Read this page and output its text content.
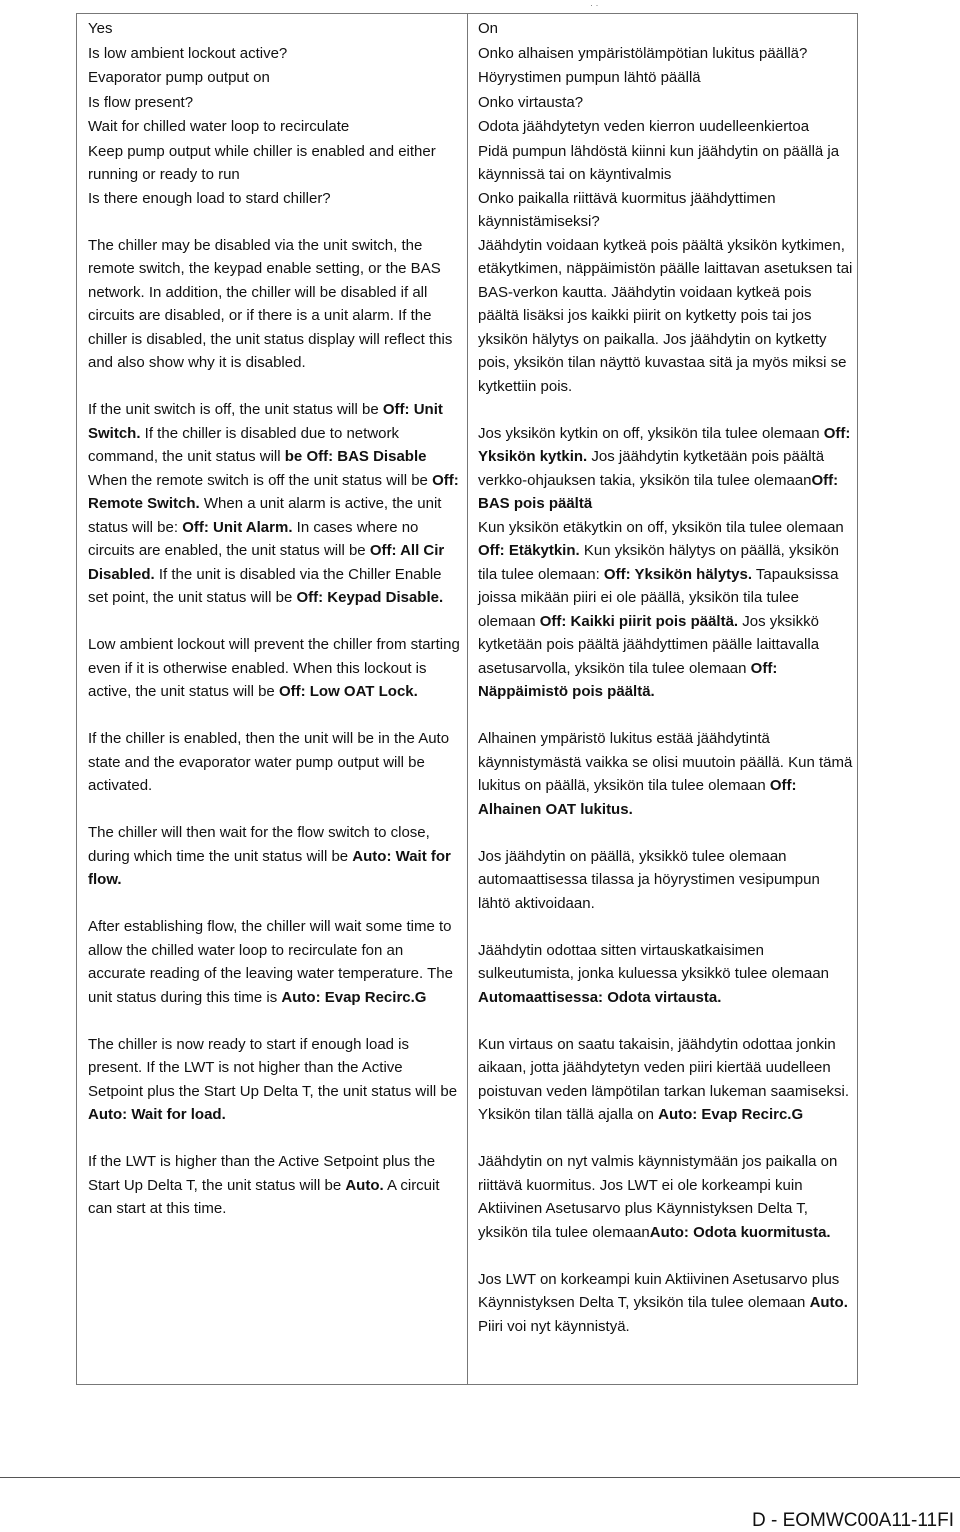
· ·

Yes

Is low ambient lockout active?

Evaporator pump output on

Is flow present?

Wait for chilled water loop to recirculate

Keep pump output while chiller is enabled and either running or ready to run

Is there enough load to stard chiller?

The chiller may be disabled via the unit switch, the remote switch, the keypad enable setting, or the BAS network. In addition, the chiller will be disabled if all circuits are disabled, or if there is a unit alarm. If the chiller is disabled, the unit status display will reflect this and also show why it is disabled.

If the unit switch is off, the unit status will be Off: Unit Switch. If the chiller is disabled due to network command, the unit status will be Off: BAS Disable When the remote switch is off the unit status will be Off: Remote Switch. When a unit alarm is active, the unit status will be: Off: Unit Alarm. In cases where no circuits are enabled, the unit status will be Off: All Cir Disabled. If the unit is disabled via the Chiller Enable set point, the unit status will be Off: Keypad Disable.

Low ambient lockout will prevent the chiller from starting even if it is otherwise enabled. When this lockout is active, the unit status will be Off: Low OAT Lock.

If the chiller is enabled, then the unit will be in the Auto state and the evaporator water pump output will be activated.

The chiller will then wait for the flow switch to close, during which time the unit status will be Auto: Wait for flow.

After establishing flow, the chiller will wait some time to allow the chilled water loop to recirculate fon an accurate reading of the leaving water temperature. The unit status during this time is Auto: Evap Recirc.G

The chiller is now ready to start if enough load is present. If the LWT is not higher than the Active Setpoint plus the Start Up Delta T, the unit status will be Auto: Wait for load.

If the LWT is higher than the Active Setpoint plus the Start Up Delta T, the unit status will be Auto. A circuit can start at this time.

On

Onko alhaisen ympäristölämpötian lukitus päällä?

Höyrystimen pumpun lähtö päällä

Onko virtausta?

Odota jäähdytetyn veden kierron uudelleenkiertoa

Pidä pumpun lähdöstä kiinni kun jäähdytin on päällä ja käynnissä tai on käyntivalmis

Onko paikalla riittävä kuormitus jäähdyttimen käynnistämiseksi?

Jäähdytin voidaan kytkeä pois päältä yksikön kytkimen, etäkytkimen, näppäimistön päälle laittavan asetuksen tai BAS-verkon kautta. Jäähdytin voidaan kytkeä pois päältä lisäksi jos kaikki piirit on kytketty pois tai jos yksikön hälytys on paikalla. Jos jäähdytin on kytketty pois, yksikön tilan näyttö kuvastaa sitä ja myös miksi se kytkettiin pois.

Jos yksikön kytkin on off, yksikön tila tulee olemaan Off: Yksikön kytkin. Jos jäähdytin kytketään pois päältä verkko-ohjauksen takia, yksikön tila tulee olemaanOff: BAS pois päältä

Kun yksikön etäkytkin on off, yksikön tila tulee olemaan Off: Etäkytkin. Kun yksikön hälytys on päällä, yksikön tila tulee olemaan: Off: Yksikön hälytys. Tapauksissa joissa mikään piiri ei ole päällä, yksikön tila tulee olemaan Off: Kaikki piirit pois päältä. Jos yksikkö kytketään pois päältä jäähdyttimen päälle laittavalla asetusarvolla, yksikön tila tulee olemaan Off: Näppäimistö pois päältä.

Alhainen ympäristö lukitus estää jäähdytintä käynnistymästä vaikka se olisi muutoin päällä. Kun tämä lukitus on päällä, yksikön tila tulee olemaan Off: Alhainen OAT lukitus.

Jos jäähdytin on päällä, yksikkö tulee olemaan automaattisessa tilassa ja höyrystimen vesipumpun lähtö aktivoidaan.

Jäähdytin odottaa sitten virtauskatkaisimen sulkeutumista, jonka kuluessa yksikkö tulee olemaan Automaattisessa: Odota virtausta.

Kun virtaus on saatu takaisin, jäähdytin odottaa jonkin aikaan, jotta jäähdytetyn veden piiri kiertää uudelleen poistuvan veden lämpötilan tarkan lukeman saamiseksi. Yksikön tilan tällä ajalla on Auto: Evap Recirc.G

Jäähdytin on nyt valmis käynnistymään jos paikalla on riittävä kuormitus. Jos LWT ei ole korkeampi kuin Aktiivinen Asetusarvo plus Käynnistyksen Delta T, yksikön tila tulee olemaanAuto: Odota kuormitusta.

Jos LWT on korkeampi kuin Aktiivinen Asetusarvo plus Käynnistyksen Delta T, yksikön tila tulee olemaan Auto. Piiri voi nyt käynnistyä.

D - EOMWC00A11-11FI
